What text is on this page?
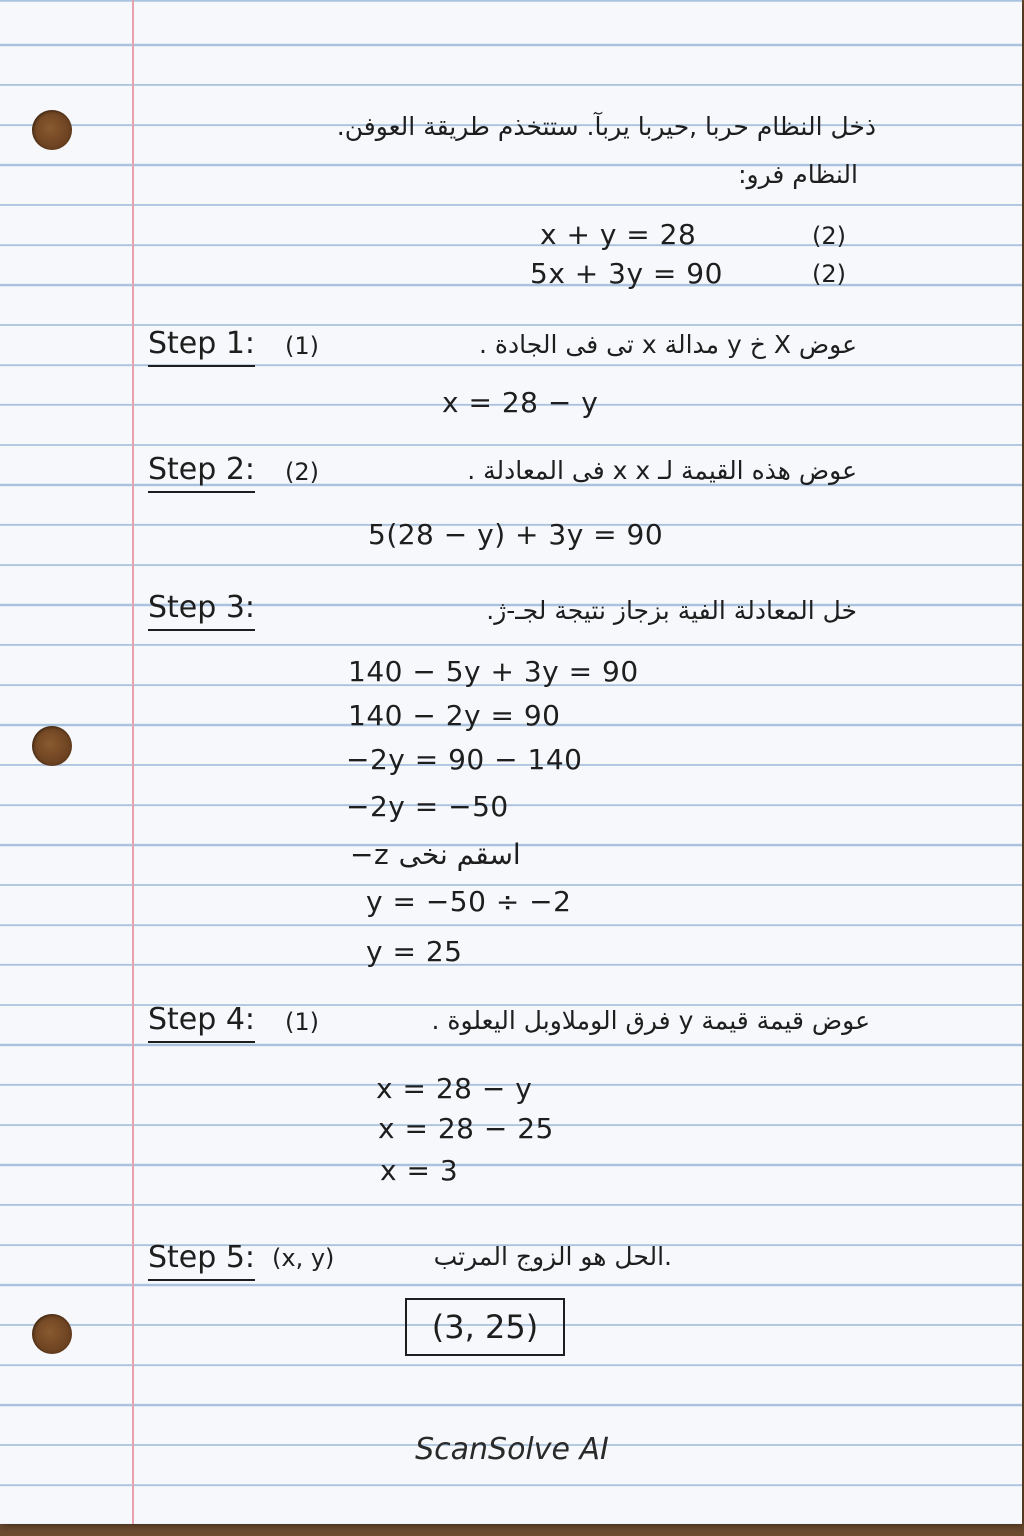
ذخل النظام حربا ,حيربا يربآ. ستتخذم طريقة العوفن.
النظام فرو:
x + y = 28	(2)
5x + 3y = 90	(2)
Step 1: (1)	عوض X خ y مدالة x تى فى الجادة .
x = 28 − y
Step 2: (2)	عوض هذه القيمة لـ x x فى المعادلة .
5(28 − y) + 3y = 90
Step 3:	خل المعادلة الفية بزجاز نتيجة لجـ-ژ.
140 − 5y + 3y = 90
140 − 2y = 90
−2y = 90 − 140
−2y = −50
−z اسقم نخى
y = −50 ÷ −2
y = 25
Step 4: (1)	عوض قيمة قيمة y فرق الوملاوبل اليعلوة .
x = 28 − y
x = 28 − 25
x = 3
Step 5: (x, y)	.الحل هو الزوج المرتب
(3, 25)
ScanSolve AI
